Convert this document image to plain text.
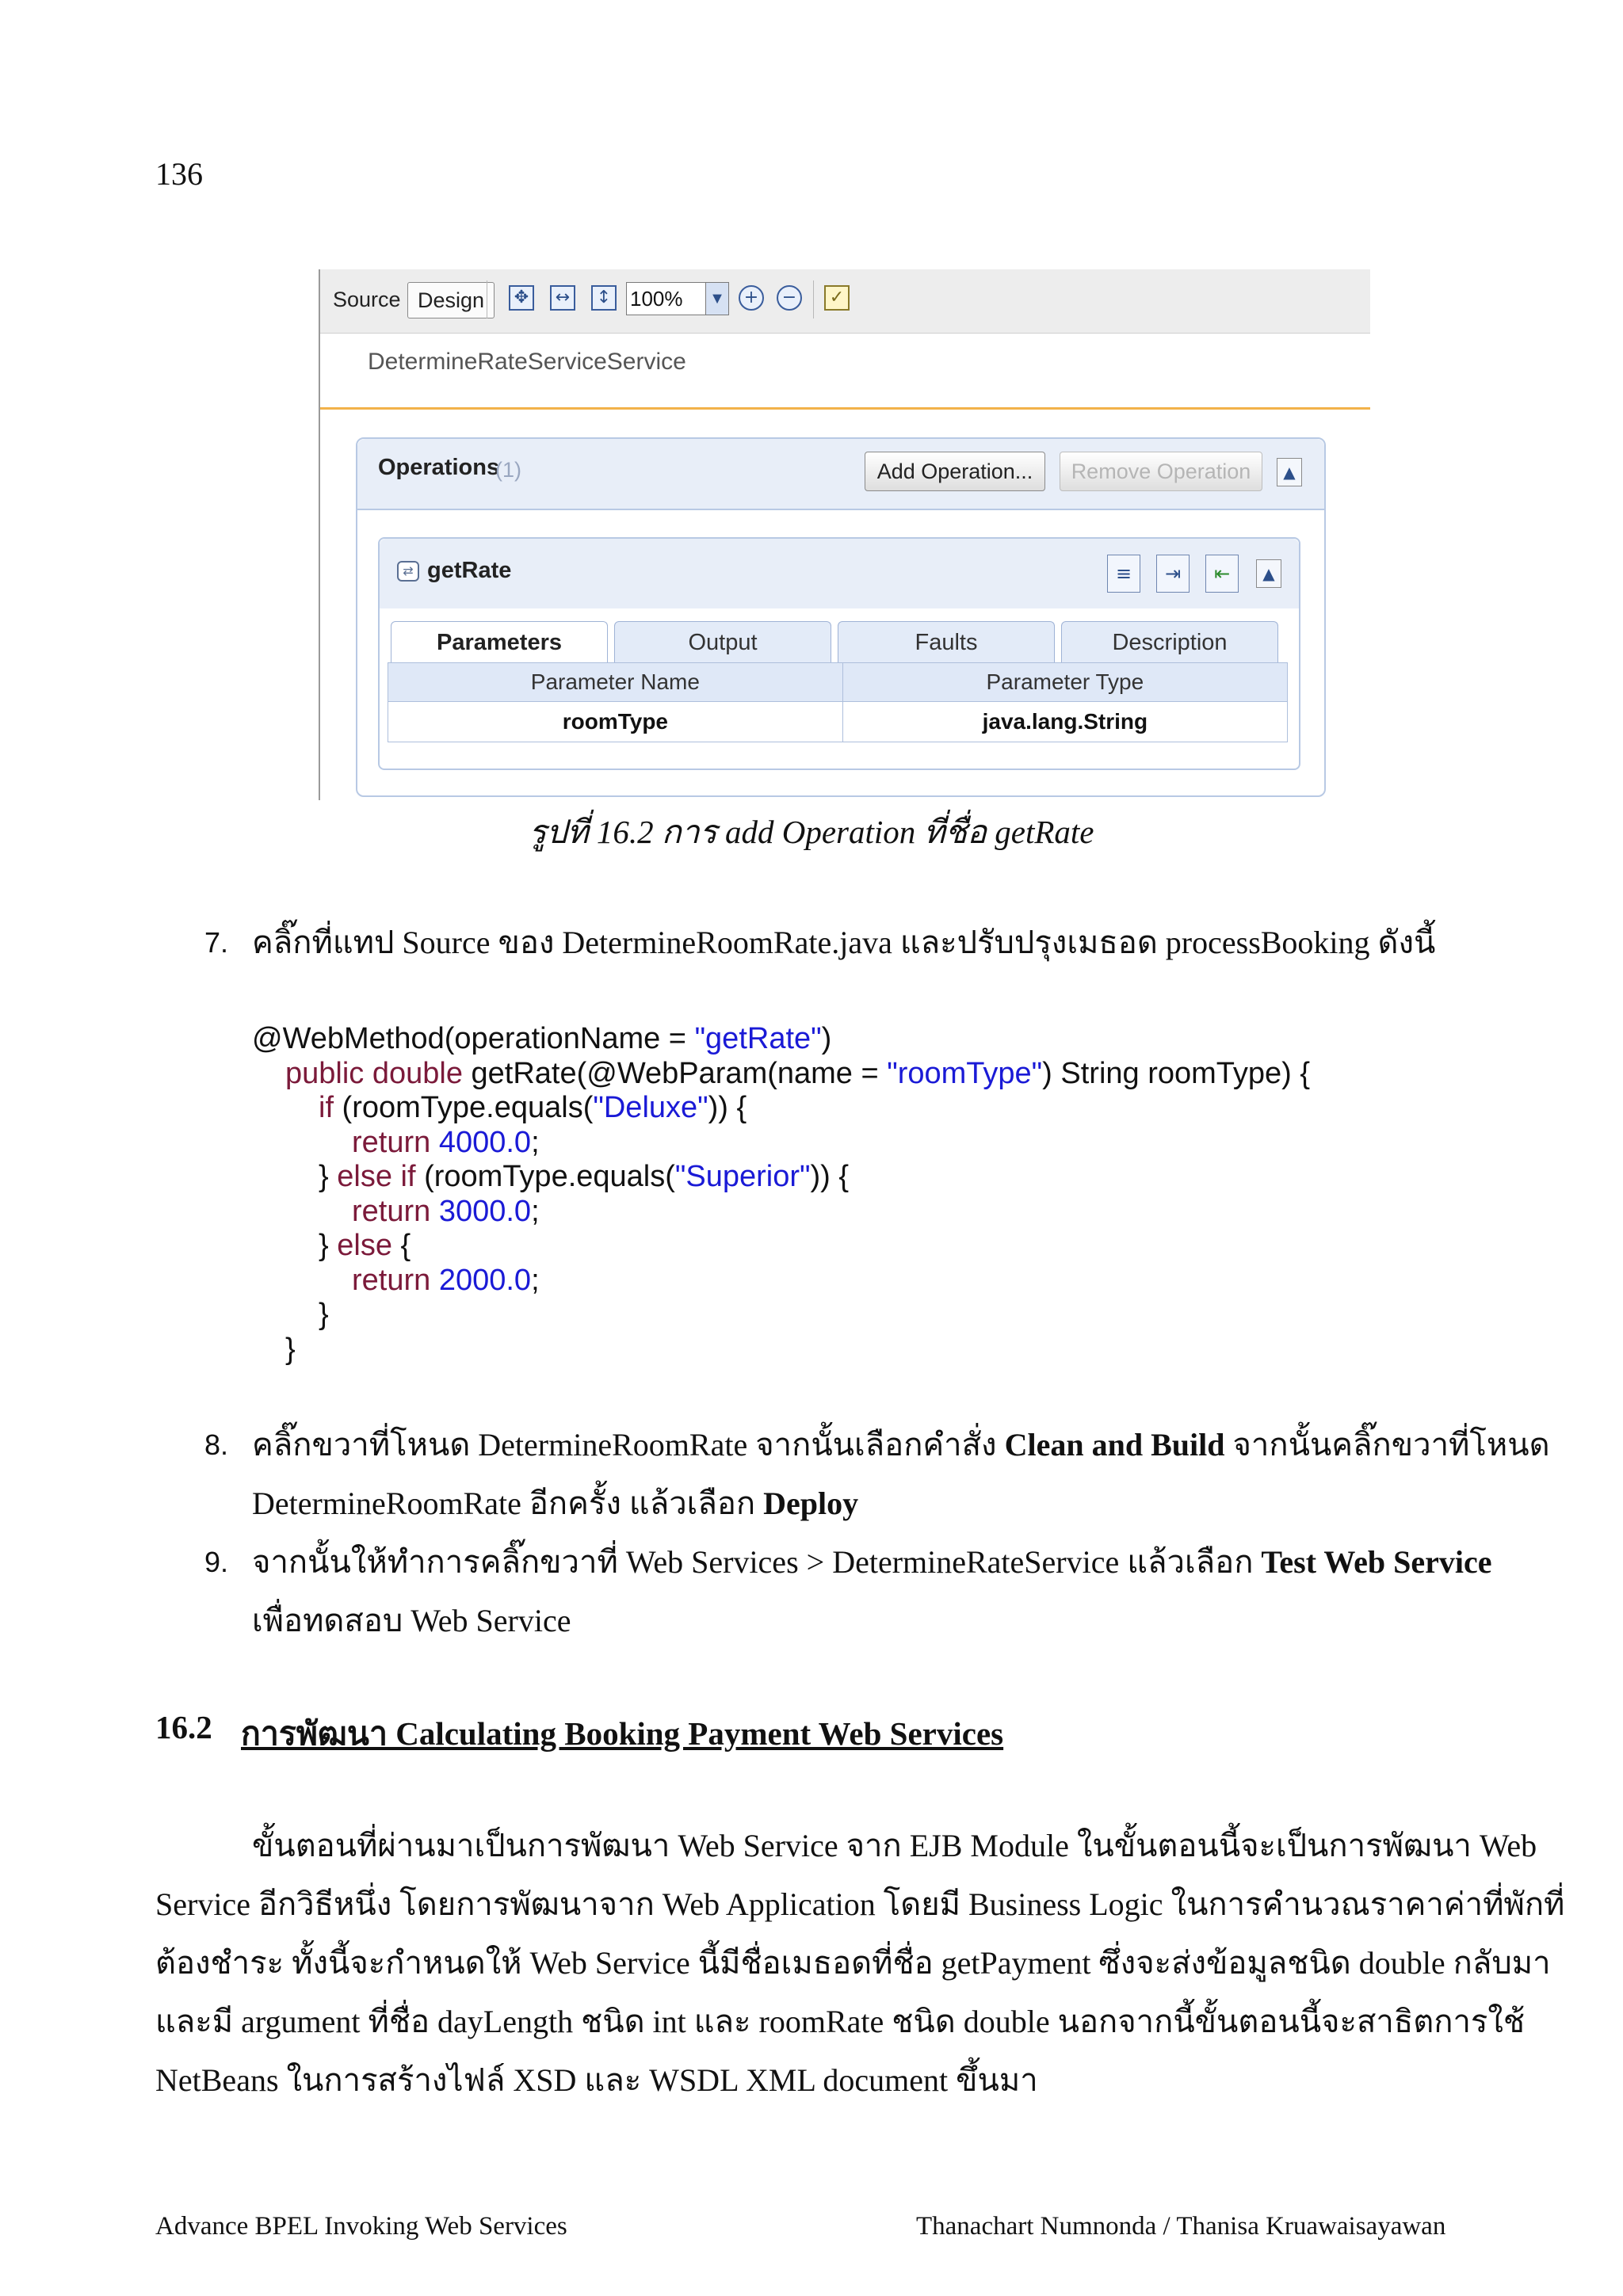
136
Source Design	✥	↔	↕ 100% ▼	+	−	✓
DetermineRateServiceService
Operations
(1)	Add Operation...	Remove Operation	▲
⇄ getRate	≡	⇥	⇤	▲
Parameters	Output	Faults	Description
Parameter Name	Parameter Type
roomType	java.lang.String
รูปที่ 16.2 การ add Operation ที่ชื่อ getRate
7. คลิ๊กที่แทป Source ของ DetermineRoomRate.java และปรับปรุงเมธอด processBooking ดังนี้
@WebMethod(operationName = "getRate")
public double getRate(@WebParam(name = "roomType") String roomType) {
if (roomType.equals("Deluxe")) {
return 4000.0;
} else if (roomType.equals("Superior")) {
return 3000.0;
} else {
return 2000.0;
}
}
8. คลิ๊กขวาที่โหนด DetermineRoomRate จากนั้นเลือกคำสั่ง Clean and Build จากนั้นคลิ๊กขวาที่โหนด
DetermineRoomRate อีกครั้ง แล้วเลือก Deploy
9. จากนั้นให้ทำการคลิ๊กขวาที่ Web Services > DetermineRateService แล้วเลือก Test Web Service
เพื่อทดสอบ Web Service
16.2 การพัฒนา Calculating Booking Payment Web Services
ขั้นตอนที่ผ่านมาเป็นการพัฒนา Web Service จาก EJB Module ในขั้นตอนนี้จะเป็นการพัฒนา Web
Service อีกวิธีหนึ่ง โดยการพัฒนาจาก Web Application โดยมี Business Logic ในการคำนวณราคาค่าที่พักที่
ต้องชำระ ทั้งนี้จะกำหนดให้ Web Service นี้มีชื่อเมธอดที่ชื่อ getPayment ซึ่งจะส่งข้อมูลชนิด double กลับมา
และมี argument ที่ชื่อ dayLength ชนิด int และ roomRate ชนิด double นอกจากนี้ขั้นตอนนี้จะสาธิตการใช้
NetBeans ในการสร้างไฟล์ XSD และ WSDL XML document ขึ้นมา
Advance BPEL Invoking Web Services	Thanachart Numnonda / Thanisa Kruawaisayawan
